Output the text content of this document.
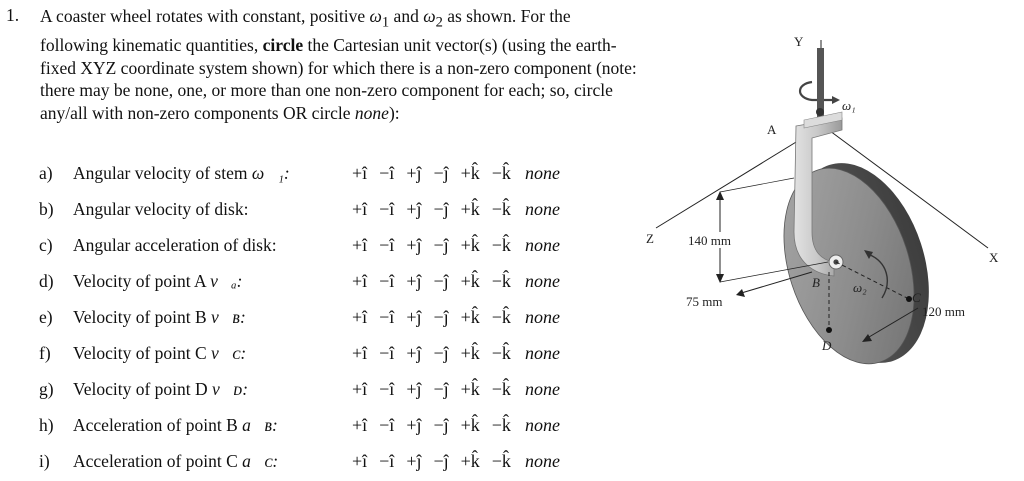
1. A coaster wheel rotates with constant, positive $\omega_1$ and $\omega_2$ as shown. For the following kinematic quantities, circle the Cartesian unit vector(s) (using the earth-fixed XYZ coordinate system shown) for which there is a non-zero component (note: there may be none, one, or more than one non-zero component for each; so, circle any/all with non-zero components OR circle none):
a) Angular velocity of stem ω⃗₁:	+î −î +ĵ −ĵ +k̂ −k̂ none
b) Angular velocity of disk:	+î −î +ĵ −ĵ +k̂ −k̂ none
c) Angular acceleration of disk:	+î −î +ĵ −ĵ +k̂ −k̂ none
d) Velocity of point A v⃗ₐ:	+î −î +ĵ −ĵ +k̂ −k̂ none
e) Velocity of point B v⃗ʙ:	+î −î +ĵ −ĵ +k̂ −k̂ none
f) Velocity of point C v⃗ᴄ:	+î −î +ĵ −ĵ +k̂ −k̂ none
g) Velocity of point D v⃗ᴅ:	+î −î +ĵ −ĵ +k̂ −k̂ none
h) Acceleration of point B a⃗ʙ:	+î −î +ĵ −ĵ +k̂ −k̂ none
i) Acceleration of point C a⃗ᴄ:	+î −î +ĵ −ĵ +k̂ −k̂ none
Y
Z
X
ω₁
A
B
C
D
ω₂
140 mm
75 mm
120 mm
